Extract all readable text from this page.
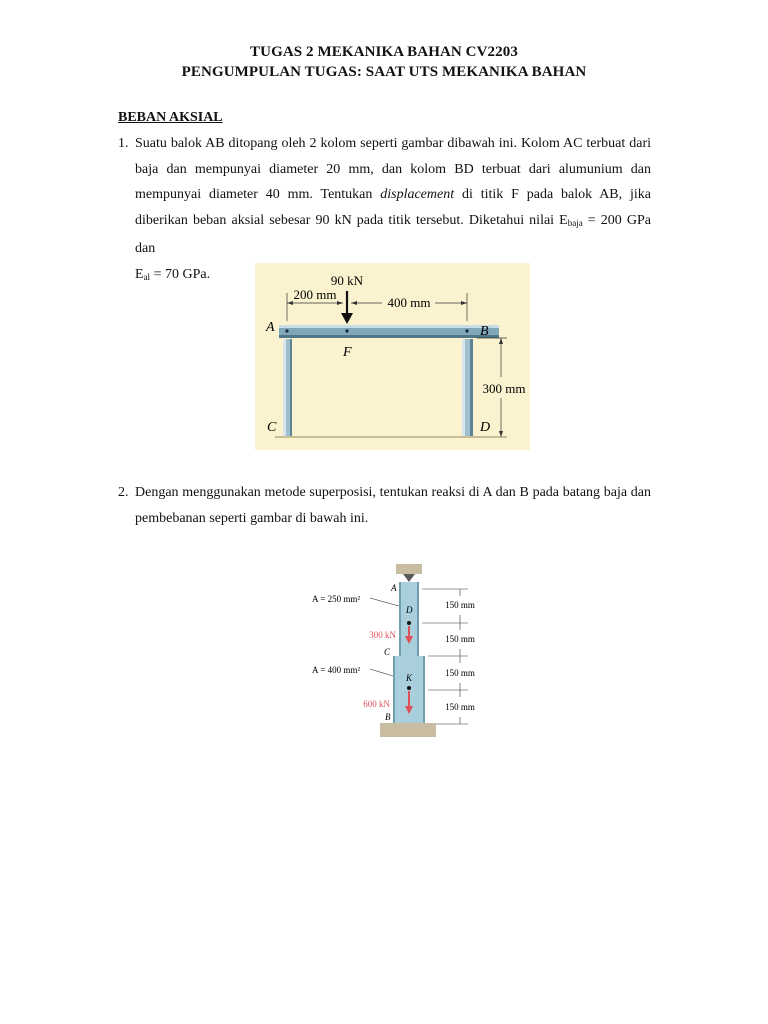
TUGAS 2 MEKANIKA BAHAN CV2203
PENGUMPULAN TUGAS: SAAT UTS MEKANIKA BAHAN
BEBAN AKSIAL
1. Suatu balok AB ditopang oleh 2 kolom seperti gambar dibawah ini. Kolom AC terbuat dari
baja dan mempunyai diameter 20 mm, dan kolom BD terbuat dari alumunium dan
mempunyai diameter 40 mm. Tentukan displacement di titik F pada balok AB, jika
diberikan beban aksial sebesar 90 kN pada titik tersebut. Diketahui nilai $E_{baja} = 200$ GPa dan
$E_{al} = 70$ GPa.	90 kN
200 mm
400 mm
300 mm
A	B
C	D
F
2. Dengan menggunakan metode superposisi, tentukan reaksi di A dan B pada batang baja dan
pembebanan seperti gambar di bawah ini.
A = 250 mm²
A = 400 mm²
300 kN
600 kN
A
D
C
K
B
150 mm
150 mm
150 mm
150 mm
